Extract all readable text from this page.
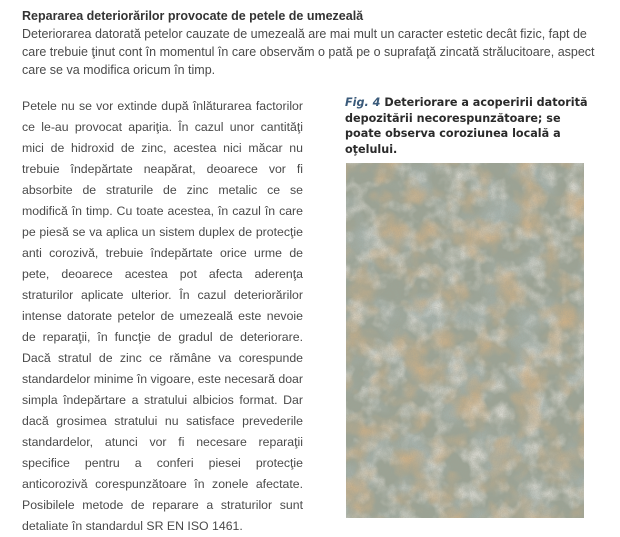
Repararea deteriorărilor provocate de petele de umezeală
Deteriorarea datorată petelor cauzate de umezeală are mai mult un caracter estetic decât fizic, fapt de care trebuie ţinut cont în momentul în care observăm o pată pe o suprafaţă zincată strălucitoare, aspect care se va modifica oricum în timp.
Petele nu se vor extinde după înlăturarea factorilor ce le-au provocat apariţia. În cazul unor cantităţi mici de hidroxid de zinc, acestea nici măcar nu trebuie îndepărtate neapărat, deoarece vor fi absorbite de straturile de zinc metalic ce se modifică în timp. Cu toate acestea, în cazul în care pe piesă se va aplica un sistem duplex de protecţie anti corozivă, trebuie îndepărtate orice urme de pete, deoarece acestea pot afecta aderenţa straturilor aplicate ulterior. În cazul deteriorărilor intense datorate petelor de umezeală este nevoie de reparaţii, în funcţie de gradul de deteriorare. Dacă stratul de zinc ce rămâne va corespunde standardelor minime în vigoare, este necesară doar simpla îndepărtare a stratului albicios format. Dar dacă grosimea stratului nu satisface prevederile standardelor, atunci vor fi necesare reparaţii specifice pentru a conferi piesei protecţie anticorozivă corespunzătoare în zonele afectate. Posibilele metode de reparare a straturilor sunt detaliate în standardul SR EN ISO 1461.
Fig. 4 Deteriorare a acoperirii datorită depozitării necorespunzătoare; se poate observa coroziunea locală a oţelului.
